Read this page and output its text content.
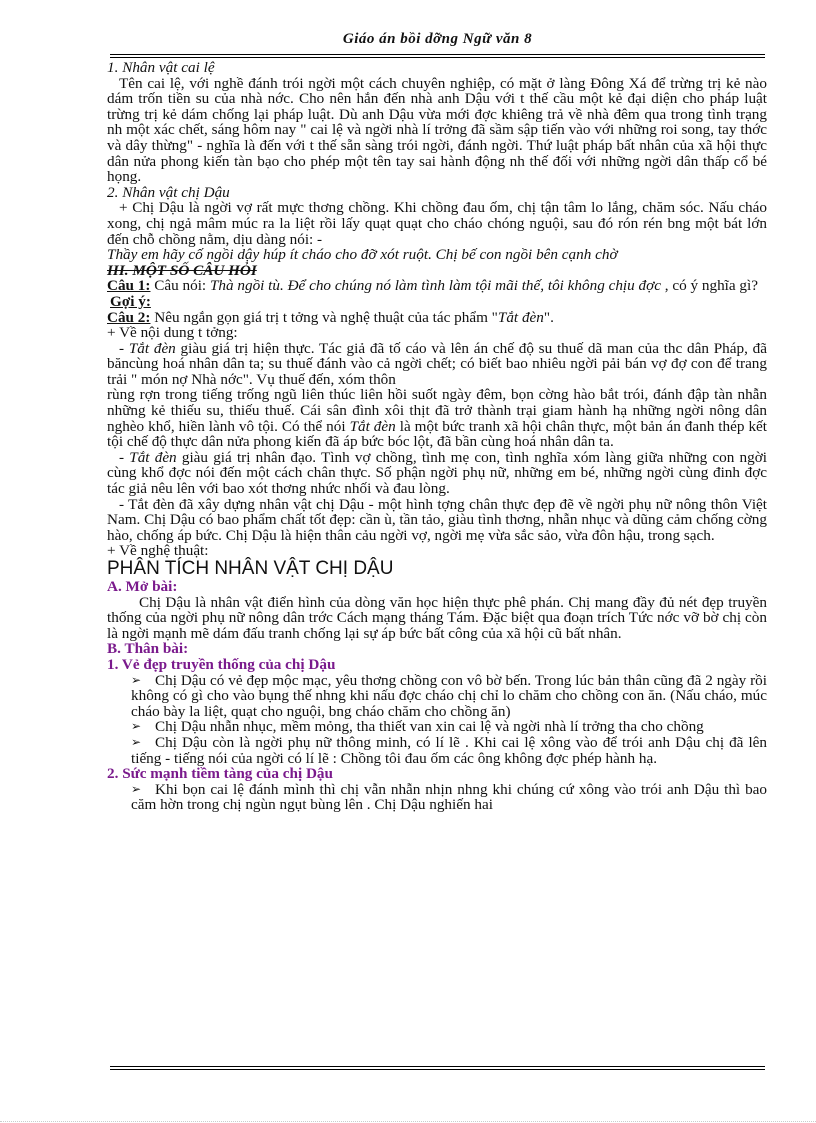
Giáo án bồi dỡng Ngữ văn 8

1. Nhân vật cai lệ

Tên cai lệ, với nghề đánh trói ngời một cách chuyên nghiệp, có mặt ở làng Đông Xá để trừng trị kẻ nào dám trốn tiền su của nhà nớc. Cho nên hắn đến nhà anh Dậu với t thế cầu một kẻ đại diện cho pháp luật trừng trị kẻ dám chống lại pháp luật. Dù anh Dậu vừa mới đợc khiêng trả về nhà đêm qua trong tình trạng nh một xác chết, sáng hôm nay " cai lệ và ngời nhà lí trởng đã sầm sập tiến vào với những roi song, tay thớc và dây thừng" - nghĩa là đến với t thế sẵn sàng trói ngời, đánh ngời. Thứ luật pháp bất nhân của xã hội thực dân nửa phong kiến tàn bạo cho phép một tên tay sai hành động nh thế đối với những ngời dân thấp cổ bé họng.

2. Nhân vật chị Dậu

+ Chị Dậu là ngời vợ rất mực thơng chồng. Khi chồng đau ốm, chị tận tâm lo lắng, chăm sóc. Nấu cháo xong, chị ngả mâm múc ra la liệt rồi lấy quạt quạt cho cháo chóng nguội, sau đó rón rén bng một bát lớn đến chỗ chồng nằm, dịu dàng nói: -
Thầy em hãy cố ngồi dậy húp ít cháo cho đỡ xót ruột. Chị bế con ngồi bên cạnh chờ

III. MỘT SỐ CÂU HỎI

Câu 1: Câu nói: Thà ngồi tù. Để cho chúng nó làm tình làm tội mãi thế, tôi không chịu đợc , có ý nghĩa gì?

Gợi ý:

Câu 2: Nêu ngắn gọn giá trị t tởng và nghệ thuật của tác phẩm "Tắt đèn".

+ Về nội dung t tởng:

- Tắt đèn giàu giá trị hiện thực. Tác giả đã tố cáo và lên án chế độ su thuế dã man của thc dân Pháp, đã băncùng hoá nhân dân ta; su thuế đánh vào cả ngời chết; có biết bao nhiêu ngời pải bán vợ đợ con để trang trải " món nợ Nhà nớc". Vụ thuế đến, xóm thôn

rùng rợn trong tiếng trống ngũ liên thúc liên hồi suốt ngày đêm, bọn cờng hào bắt trói, đánh đập tàn nhẫn những kẻ thiếu su, thiếu thuế. Cái sân đình xôi thịt đã trở thành trại giam hành hạ những ngời nông dân nghèo khổ, hiền lành vô tội. Có thể nói Tắt đèn là một bức tranh xã hội chân thực, một bản án đanh thép kết tội chế độ thực dân nửa phong kiến đã áp bức bóc lột, đã bần cùng hoá nhân dân ta.

- Tắt đèn giàu giá trị nhân đạo. Tình vợ chồng, tình mẹ con, tình nghĩa xóm làng giữa những con ngời cùng khổ đợc nói đến một cách chân thực. Số phận ngời phụ nữ, những em bé, những ngời cùng đinh đợc tác giả nêu lên với bao xót thơng nhức nhối và đau lòng.

- Tắt đèn đã xây dựng nhân vật chị Dậu - một hình tợng chân thực đẹp đẽ về ngời phụ nữ nông thôn Việt Nam. Chị Dậu có bao phẩm chất tốt đẹp: cần ù, tần tảo, giàu tình thơng, nhẫn nhục và dũng cảm chống cờng hào, chống áp bức. Chị Dậu là hiện thân cảu ngời vợ, ngời mẹ vừa sắc sảo, vừa đôn hậu, trong sạch.

+ Về nghệ thuật:

PHÂN TÍCH NHÂN VẬT CHỊ DẬU

A. Mở bài:

Chị Dậu là nhân vật điển hình của dòng văn học hiện thực phê phán. Chị mang đầy đủ nét đẹp truyền thống của ngời phụ nữ nông dân trớc Cách mạng tháng Tám. Đặc biệt qua đoạn trích Tức nớc vỡ bờ chị còn là ngời mạnh mẽ dám đấu tranh chống lại sự áp bức bất công của xã hội cũ bất nhân.

B. Thân bài:

1. Vẻ đẹp truyền thống của chị Dậu

➢ Chị Dậu có vẻ đẹp mộc mạc, yêu thơng chồng con vô bờ bến. Trong lúc bản thân cũng đã 2 ngày rồi không có gì cho vào bụng thế nhng khi nấu đợc cháo chị chỉ lo chăm cho chồng con ăn. (Nấu cháo, múc cháo bày la liệt, quạt cho nguội, bng cháo chăm cho chồng ăn)

➢ Chị Dậu nhẫn nhục, mềm mỏng, tha thiết van xin cai lệ và ngời nhà lí trởng tha cho chồng

➢ Chị Dậu còn là ngời phụ nữ thông minh, có lí lẽ . Khi cai lệ xông vào để trói anh Dậu chị đã lên tiếng - tiếng nói của ngời có lí lẽ : Chồng tôi đau ốm các ông không đợc phép hành hạ.

2. Sức mạnh tiềm tàng của chị Dậu

➢ Khi bọn cai lệ đánh mình thì chị vẫn nhẫn nhịn nhng khi chúng cứ xông vào trói anh Dậu thì bao căm hờn trong chị ngùn ngụt bùng lên . Chị Dậu nghiến hai
